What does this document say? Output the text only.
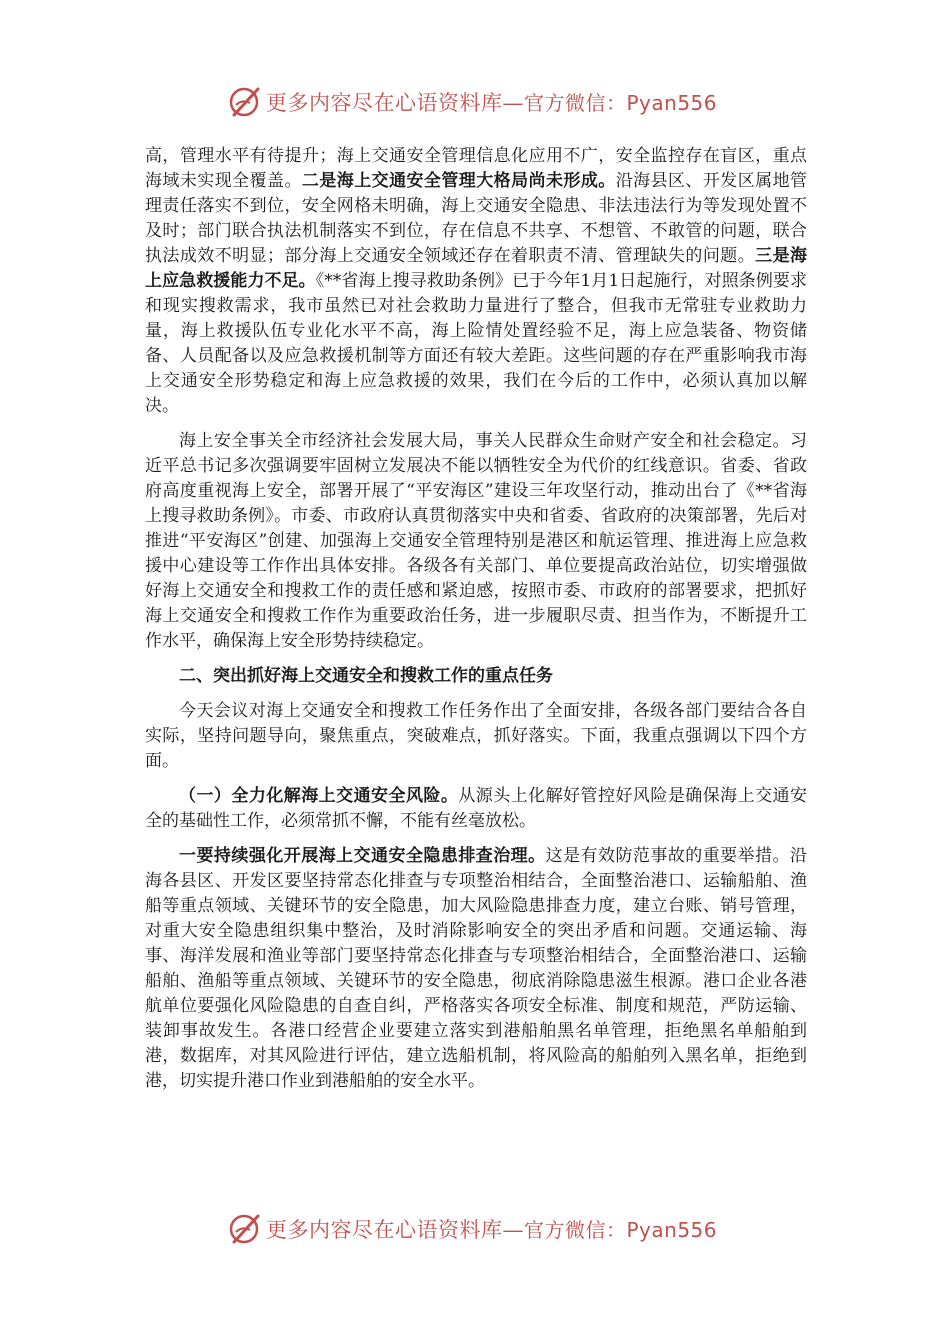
更多内容尽在心语资料库—官方微信：Pyan556

高，管理水平有待提升；海上交通安全管理信息化应用不广，安全监控存在盲区，重点海域未实现全覆盖。二是海上交通安全管理大格局尚未形成。沿海县区、开发区属地管理责任落实不到位，安全网格未明确，海上交通安全隐患、非法违法行为等发现处置不及时；部门联合执法机制落实不到位，存在信息不共享、不想管、不敢管的问题，联合执法成效不明显；部分海上交通安全领域还存在着职责不清、管理缺失的问题。三是海上应急救援能力不足。《**省海上搜寻救助条例》已于今年1月1日起施行，对照条例要求和现实搜救需求，我市虽然已对社会救助力量进行了整合，但我市无常驻专业救助力量，海上救援队伍专业化水平不高，海上险情处置经验不足，海上应急装备、物资储备、人员配备以及应急救援机制等方面还有较大差距。这些问题的存在严重影响我市海上交通安全形势稳定和海上应急救援的效果，我们在今后的工作中，必须认真加以解决。

海上安全事关全市经济社会发展大局，事关人民群众生命财产安全和社会稳定。习近平总书记多次强调要牢固树立发展决不能以牺牲安全为代价的红线意识。省委、省政府高度重视海上安全，部署开展了“平安海区”建设三年攻坚行动，推动出台了《**省海上搜寻救助条例》。市委、市政府认真贯彻落实中央和省委、省政府的决策部署，先后对推进“平安海区”创建、加强海上交通安全管理特别是港区和航运管理、推进海上应急救援中心建设等工作作出具体安排。各级各有关部门、单位要提高政治站位，切实增强做好海上交通安全和搜救工作的责任感和紧迫感，按照市委、市政府的部署要求，把抓好海上交通安全和搜救工作作为重要政治任务，进一步履职尽责、担当作为，不断提升工作水平，确保海上安全形势持续稳定。

二、突出抓好海上交通安全和搜救工作的重点任务

今天会议对海上交通安全和搜救工作任务作出了全面安排，各级各部门要结合各自实际，坚持问题导向，聚焦重点，突破难点，抓好落实。下面，我重点强调以下四个方面。

（一）全力化解海上交通安全风险。从源头上化解好管控好风险是确保海上交通安全的基础性工作，必须常抓不懈，不能有丝毫放松。

一要持续强化开展海上交通安全隐患排查治理。这是有效防范事故的重要举措。沿海各县区、开发区要坚持常态化排查与专项整治相结合，全面整治港口、运输船舶、渔船等重点领域、关键环节的安全隐患，加大风险隐患排查力度，建立台账、销号管理，对重大安全隐患组织集中整治，及时消除影响安全的突出矛盾和问题。交通运输、海事、海洋发展和渔业等部门要坚持常态化排查与专项整治相结合，全面整治港口、运输船舶、渔船等重点领域、关键环节的安全隐患，彻底消除隐患滋生根源。港口企业各港航单位要强化风险隐患的自查自纠，严格落实各项安全标准、制度和规范，严防运输、装卸事故发生。各港口经营企业要建立落实到港船舶黑名单管理，拒绝黑名单船舶到港，数据库，对其风险进行评估，建立选船机制，将风险高的船舶列入黑名单，拒绝到港，切实提升港口作业到港船舶的安全水平。

更多内容尽在心语资料库—官方微信：Pyan556
